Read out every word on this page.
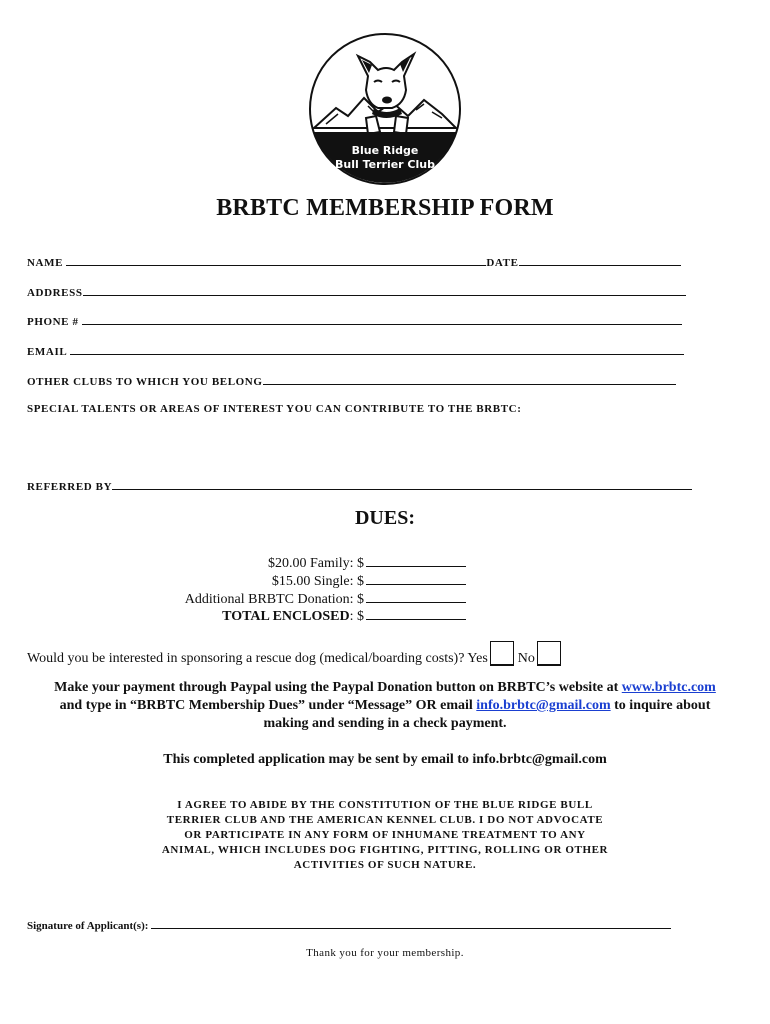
Blue Ridge
Bull Terrier Club
BRBTC MEMBERSHIP FORM
NAME	DATE
ADDRESS
PHONE #
EMAIL
OTHER CLUBS TO WHICH YOU BELONG
SPECIAL TALENTS OR AREAS OF INTEREST YOU CAN CONTRIBUTE TO THE BRBTC:
REFERRED BY
DUES:
$20.00 Family: $
$15.00 Single: $
Additional BRBTC Donation: $
TOTAL ENCLOSED: $
Would you be interested in sponsoring a rescue dog (medical/boarding costs)? Yes No
Make your payment through Paypal using the Paypal Donation button on BRBTC’s website at www.brbtc.com
and type in “BRBTC Membership Dues” under “Message” OR email info.brbtc@gmail.com to inquire about
making and sending in a check payment.
This completed application may be sent by email to info.brbtc@gmail.com
I AGREE TO ABIDE BY THE CONSTITUTION OF THE BLUE RIDGE BULL
TERRIER CLUB AND THE AMERICAN KENNEL CLUB. I DO NOT ADVOCATE
OR PARTICIPATE IN ANY FORM OF INHUMANE TREATMENT TO ANY
ANIMAL, WHICH INCLUDES DOG FIGHTING, PITTING, ROLLING OR OTHER
ACTIVITIES OF SUCH NATURE.
Signature of Applicant(s):
Thank you for your membership.
